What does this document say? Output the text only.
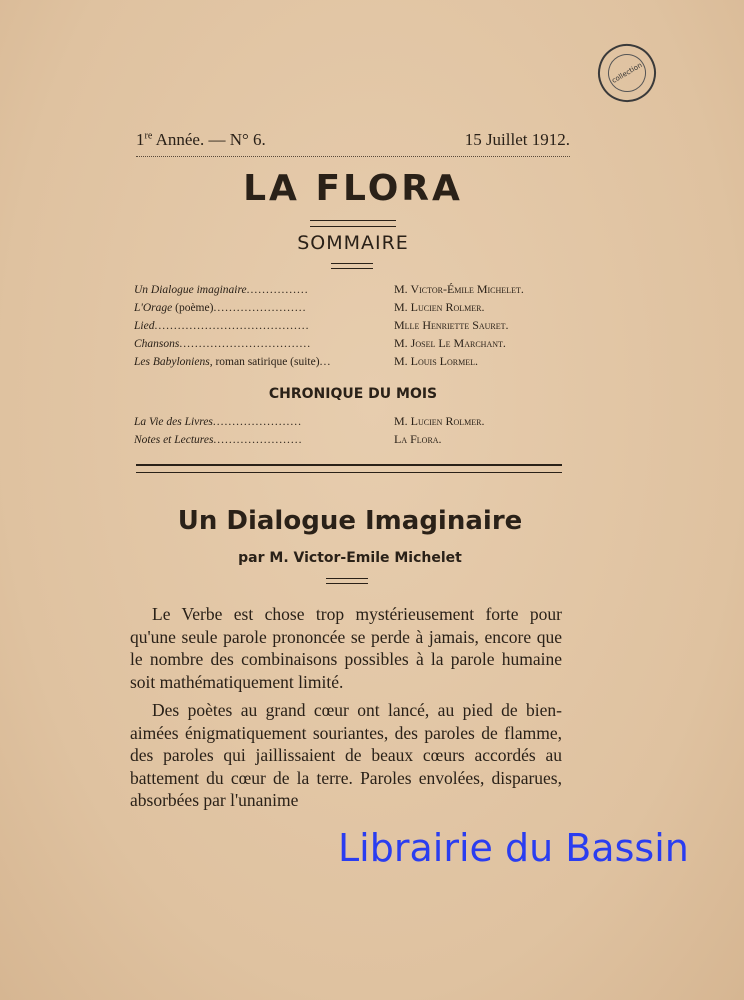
collection
1re Année. — N° 6.	15 Juillet 1912.
LA FLORA
SOMMAIRE
Un Dialogue imaginaire................	M. Victor-Émile Michelet.
L'Orage (poème)........................	M. Lucien Rolmer.
Lied........................................	Mlle Henriette Sauret.
Chansons..................................	M. Josel Le Marchant.
Les Babyloniens, roman satirique (suite)...	M. Louis Lormel.
CHRONIQUE DU MOIS
La Vie des Livres.......................	M. Lucien Rolmer.
Notes et Lectures.......................	La Flora.
Un Dialogue Imaginaire
par M. Victor-Emile Michelet

Le Verbe est chose trop mystérieusement forte pour qu'une seule parole prononcée se perde à jamais, encore que le nombre des combinaisons possibles à la parole humaine soit mathématiquement limité.

Des poètes au grand cœur ont lancé, au pied de bien-aimées énigmatiquement souriantes, des paroles de flamme, des paroles qui jaillissaient de beaux cœurs accordés au battement du cœur de la terre. Paroles envolées, disparues, absorbées par l'unanime

Librairie du Bassin
